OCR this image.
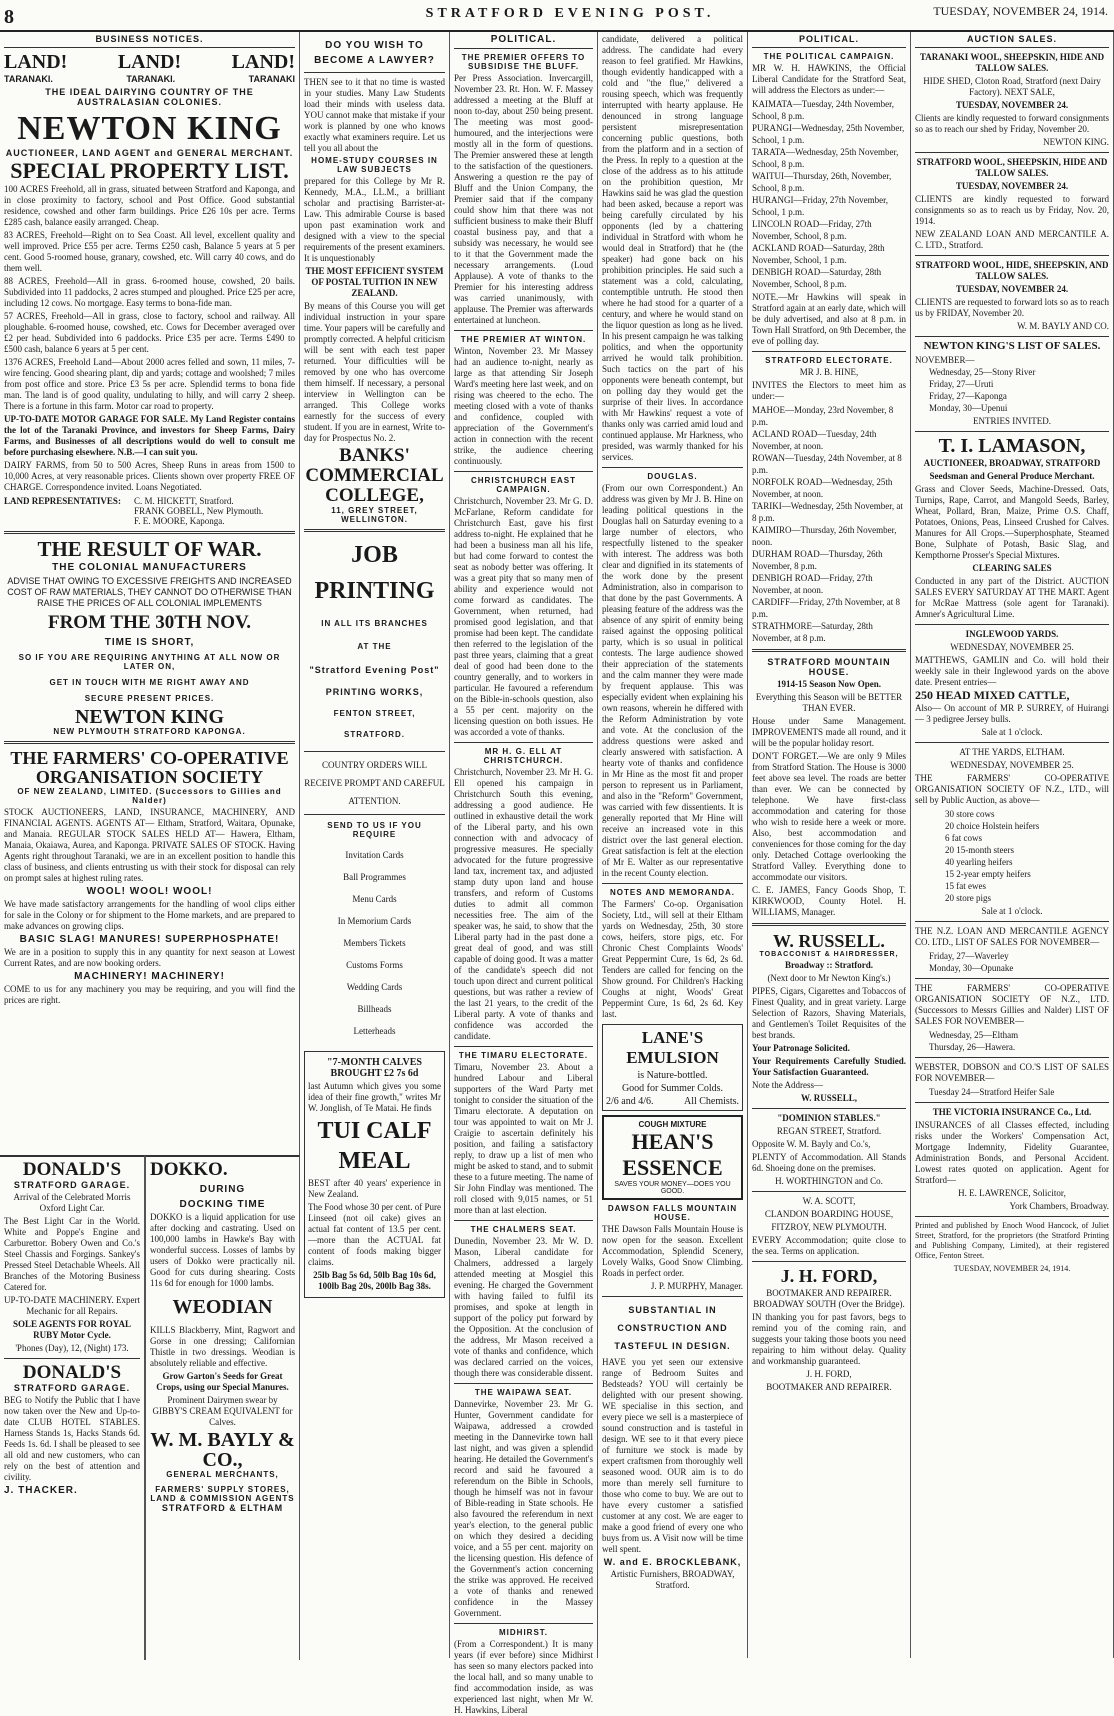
8	STRATFORD EVENING POST.	TUESDAY, NOVEMBER 24, 1914.
BUSINESS NOTICES.
LAND!	LAND!	LAND!
TARANAKI.	TARANAKI.	TARANAKI
THE IDEAL DAIRYING COUNTRY OF THE AUSTRALASIAN COLONIES.
NEWTON KING
AUCTIONEER, LAND AGENT and GENERAL MERCHANT.
SPECIAL PROPERTY LIST.

100 ACRES Freehold, all in grass, situated between Stratford and Kaponga, and in close proximity to factory, school and Post Office. Good substantial residence, cowshed and other farm buildings. Price £26 10s per acre. Terms £285 cash, balance easily arranged. Cheap.

83 ACRES, Freehold—Right on to Sea Coast. All level, excellent quality and well improved. Price £55 per acre. Terms £250 cash, Balance 5 years at 5 per cent. Good 5-roomed house, granary, cowshed, etc. Will carry 40 cows, and do them well.

88 ACRES, Freehold—All in grass. 6-roomed house, cowshed, 20 bails. Subdivided into 11 paddocks, 2 acres stumped and ploughed. Price £25 per acre, including 12 cows. No mortgage. Easy terms to bona-fide man.

57 ACRES, Freehold—All in grass, close to factory, school and railway. All ploughable. 6-roomed house, cowshed, etc. Cows for December averaged over £2 per head. Subdivided into 6 paddocks. Price £35 per acre. Terms £490 to £500 cash, balance 6 years at 5 per cent.

1376 ACRES, Freehold Land—About 2000 acres felled and sown, 11 miles, 7-wire fencing. Good shearing plant, dip and yards; cottage and woolshed; 7 miles from post office and store. Price £3 5s per acre. Splendid terms to bona fide man. The land is of good quality, undulating to hilly, and will carry 2 sheep. There is a fortune in this farm. Motor car road to property.

UP-TO-DATE MOTOR GARAGE FOR SALE. My Land Register contains the lot of the Taranaki Province, and investors for Sheep Farms, Dairy Farms, and Businesses of all descriptions would do well to consult me before purchasing elsewhere. N.B.—I can suit you.

DAIRY FARMS, from 50 to 500 Acres, Sheep Runs in areas from 1500 to 10,000 Acres, at very reasonable prices. Clients shown over property FREE OF CHARGE. Correspondence invited. Loans Negotiated.

LAND REPRESENTATIVES:	C. M. HICKETT, Stratford.
FRANK GOBELL, New Plymouth.
F. E. MOORE, Kaponga.
THE RESULT OF WAR.
THE COLONIAL MANUFACTURERS

ADVISE THAT OWING TO EXCESSIVE FREIGHTS AND INCREASED COST OF RAW MATERIALS, THEY CANNOT DO OTHERWISE THAN RAISE THE PRICES OF ALL COLONIAL IMPLEMENTS

FROM THE 30TH NOV.
TIME IS SHORT,
SO IF YOU ARE REQUIRING ANYTHING AT ALL NOW OR LATER ON,
GET IN TOUCH WITH ME RIGHT AWAY AND
SECURE PRESENT PRICES.
NEWTON KING
NEW PLYMOUTH STRATFORD KAPONGA.
THE FARMERS' CO-OPERATIVE ORGANISATION SOCIETY
OF NEW ZEALAND, LIMITED. (Successors to Gillies and Nalder)

STOCK AUCTIONEERS, LAND, INSURANCE, MACHINERY, AND FINANCIAL AGENTS. AGENTS AT— Eltham, Stratford, Waitara, Opunake, and Manaia. REGULAR STOCK SALES HELD AT— Hawera, Eltham, Manaia, Okaiawa, Aurea, and Kaponga. PRIVATE SALES OF STOCK. Having Agents right throughout Taranaki, we are in an excellent position to handle this class of business, and clients entrusting us with their stock for disposal can rely on prompt sales at highest ruling rates.

WOOL! WOOL! WOOL!

We have made satisfactory arrangements for the handling of wool clips either for sale in the Colony or for shipment to the Home markets, and are prepared to make advances on growing clips.

BASIC SLAG! MANURES! SUPERPHOSPHATE!

We are in a position to supply this in any quantity for next season at Lowest Current Rates, and are now booking orders.

MACHINERY! MACHINERY!

COME to us for any machinery you may be requiring, and you will find the prices are right.

DONALD'S
STRATFORD GARAGE.

Arrival of the Celebrated Morris Oxford Light Car.

The Best Light Car in the World. White and Poppe's Engine and Carburettor. Bobery Owen and Co.'s Steel Chassis and Forgings. Sankey's Pressed Steel Detachable Wheels. All Branches of the Motoring Business Catered for.

UP-TO-DATE MACHINERY. Expert Mechanic for all Repairs.

SOLE AGENTS FOR ROYAL RUBY Motor Cycle.

'Phones (Day), 12, (Night) 173.

DONALD'S
STRATFORD GARAGE.

BEG to Notify the Public that I have now taken over the New and Up-to-date CLUB HOTEL STABLES. Harness Stands 1s, Hacks Stands 6d. Feeds 1s. 6d. I shall be pleased to see all old and new customers, who can rely on the best of attention and civility.

J. THACKER.
DOKKO.
DURING
DOCKING TIME

DOKKO is a liquid application for use after docking and castrating. Used on 100,000 lambs in Hawke's Bay with wonderful success. Losses of lambs by users of Dokko were practically nil. Good for cuts during shearing. Costs 11s 6d for enough for 1000 lambs.

WEODIAN

KILLS Blackberry, Mint, Ragwort and Gorse in one dressing; Californian Thistle in two dressings. Weodian is absolutely reliable and effective.

Grow Garton's Seeds for Great Crops, using our Special Manures.

Prominent Dairymen swear by GIBBY'S CREAM EQUIVALENT for Calves.

W. M. BAYLY & CO.,
GENERAL MERCHANTS,
FARMERS' SUPPLY STORES, LAND & COMMISSION AGENTS
STRATFORD & ELTHAM
DO YOU WISH TO BECOME A LAWYER?

THEN see to it that no time is wasted in your studies. Many Law Students load their minds with useless data. YOU cannot make that mistake if your work is planned by one who knows exactly what examiners require. Let us tell you all about the

HOME-STUDY COURSES IN LAW SUBJECTS

prepared for this College by Mr R. Kennedy, M.A., LL.M., a brilliant scholar and practising Barrister-at-Law. This admirable Course is based upon past examination work and designed with a view to the special requirements of the present examiners. It is unquestionably

THE MOST EFFICIENT SYSTEM OF POSTAL TUITION IN NEW ZEALAND.

By means of this Course you will get individual instruction in your spare time. Your papers will be carefully and promptly corrected. A helpful criticism will be sent with each test paper returned. Your difficulties will be removed by one who has overcome them himself. If necessary, a personal interview in Wellington can be arranged. This College works earnestly for the success of every student. If you are in earnest, Write to-day for Prospectus No. 2.

BANKS' COMMERCIAL COLLEGE,
11, GREY STREET, WELLINGTON.
JOB PRINTING
IN ALL ITS BRANCHES
AT THE
"Stratford Evening Post"
PRINTING WORKS,
FENTON STREET,
STRATFORD.

COUNTRY ORDERS WILL RECEIVE PROMPT AND CAREFUL ATTENTION.

SEND TO US IF YOU REQUIRE
Invitation Cards
Ball Programmes
Menu Cards
In Memorium Cards
Members Tickets
Customs Forms
Wedding Cards
Billheads
Letterheads

"7-MONTH CALVES BROUGHT £2 7s 6d

last Autumn which gives you some idea of their fine growth," writes Mr W. Jonglish, of Te Matai. He finds

TUI CALF MEAL

BEST after 40 years' experience in New Zealand.

The Food whose 30 per cent. of Pure Linseed (not oil cake) gives an actual fat content of 13.5 per cent. —more than the ACTUAL fat content of foods making bigger claims.

25lb Bag 5s 6d, 50lb Bag 10s 6d, 100lb Bag 20s, 200lb Bag 38s.

POLITICAL.
THE PREMIER OFFERS TO SUBSIDISE THE BLUFF.

Per Press Association. Invercargill, November 23. Rt. Hon. W. F. Massey addressed a meeting at the Bluff at noon to-day, about 250 being present. The meeting was most good-humoured, and the interjections were mostly all in the form of questions. The Premier answered these at length to the satisfaction of the questioners. Answering a question re the pay of Bluff and the Union Company, the Premier said that if the company could show him that there was not sufficient business to make their Bluff coastal business pay, and that a subsidy was necessary, he would see to it that the Government made the necessary arrangements. (Loud Applause). A vote of thanks to the Premier for his interesting address was carried unanimously, with applause. The Premier was afterwards entertained at luncheon.

THE PREMIER AT WINTON.

Winton, November 23. Mr Massey had an audience to-night, nearly as large as that attending Sir Joseph Ward's meeting here last week, and on rising was cheered to the echo. The meeting closed with a vote of thanks and confidence, coupled with appreciation of the Government's action in connection with the recent strike, the audience cheering continuously.

CHRISTCHURCH EAST CAMPAIGN.

Christchurch, November 23. Mr G. D. McFarlane, Reform candidate for Christchurch East, gave his first address to-night. He explained that he had been a business man all his life, but had come forward to contest the seat as nobody better was offering. It was a great pity that so many men of ability and experience would not come forward as candidates. The Government, when returned, had promised good legislation, and that promise had been kept. The candidate then referred to the legislation of the past three years, claiming that a great deal of good had been done to the country generally, and to workers in particular. He favoured a referendum on the Bible-in-schools question, also a 55 per cent. majority on the licensing question on both issues. He was accorded a vote of thanks.

MR H. G. ELL AT CHRISTCHURCH.

Christchurch, November 23. Mr H. G. Ell opened his campaign in Christchurch South this evening, addressing a good audience. He outlined in exhaustive detail the work of the Liberal party, and his own connection with and advocacy of progressive measures. He specially advocated for the future progressive land tax, increment tax, and adjusted stamp duty upon land and house transfers, and reform of Customs duties to admit all common necessities free. The aim of the speaker was, he said, to show that the Liberal party had in the past done a great deal of good, and was still capable of doing good. It was a matter of the candidate's speech did not touch upon direct and current political questions, but was rather a review of the last 21 years, to the credit of the Liberal party. A vote of thanks and confidence was accorded the candidate.

THE TIMARU ELECTORATE.

Timaru, November 23. About a hundred Labour and Liberal supporters of the Ward Party met tonight to consider the situation of the Timaru electorate. A deputation on tour was appointed to wait on Mr J. Craigie to ascertain definitely his position, and failing a satisfactory reply, to draw up a list of men who might be asked to stand, and to submit these to a future meeting. The name of Sir John Findlay was mentioned. The roll closed with 9,015 names, or 51 more than at last election.

THE CHALMERS SEAT.

Dunedin, November 23. Mr W. D. Mason, Liberal candidate for Chalmers, addressed a largely attended meeting at Mosgiel this evening. He charged the Government with having failed to fulfil its promises, and spoke at length in support of the policy put forward by the Opposition. At the conclusion of the address, Mr Mason received a vote of thanks and confidence, which was declared carried on the voices, though there was considerable dissent.

THE WAIPAWA SEAT.

Dannevirke, November 23. Mr G. Hunter, Government candidate for Waipawa, addressed a crowded meeting in the Dannevirke town hall last night, and was given a splendid hearing. He detailed the Government's record and said he favoured a referendum on the Bible in Schools, though he himself was not in favour of Bible-reading in State schools. He also favoured the referendum in next year's election, to the general public on which they desired a deciding voice, and a 55 per cent. majority on the licensing question. His defence of the Government's action concerning the strike was approved. He received a vote of thanks and renewed confidence in the Massey Government.

MIDHIRST.

(From a Correspondent.) It is many years (if ever before) since Midhirst has seen so many electors packed into the local hall, and so many unable to find accommodation inside, as was experienced last night, when Mr W. H. Hawkins, Liberal

candidate, delivered a political address. The candidate had every reason to feel gratified. Mr Hawkins, though evidently handicapped with a cold and "the flue," delivered a rousing speech, which was frequently interrupted with hearty applause. He denounced in strong language persistent misrepresentation concerning public questions, both from the platform and in a section of the Press. In reply to a question at the close of the address as to his attitude on the prohibition question, Mr Hawkins said he was glad the question had been asked, because a report was being carefully circulated by his opponents (led by a chattering individual in Stratford with whom he would deal in Stratford) that he (the speaker) had gone back on his prohibition principles. He said such a statement was a cold, calculating, contemptible untruth. He stood then where he had stood for a quarter of a century, and where he would stand on the liquor question as long as he lived. In his present campaign he was talking politics, and when the opportunity arrived he would talk prohibition. Such tactics on the part of his opponents were beneath contempt, but on polling day they would get the surprise of their lives. In accordance with Mr Hawkins' request a vote of thanks only was carried amid loud and continued applause. Mr Harkness, who presided, was warmly thanked for his services.

DOUGLAS.

(From our own Correspondent.) An address was given by Mr J. B. Hine on leading political questions in the Douglas hall on Saturday evening to a large number of electors, who respectfully listened to the speaker with interest. The address was both clear and dignified in its statements of the work done by the present Administration, also in comparison to that done by the past Governments. A pleasing feature of the address was the absence of any spirit of enmity being raised against the opposing political party, which is so usual in political contests. The large audience showed their appreciation of the statements and the calm manner they were made by frequent applause. This was especially evident when explaining his own reasons, wherein he differed with the Reform Administration by vote and vote. At the conclusion of the address questions were asked and clearly answered with satisfaction. A hearty vote of thanks and confidence in Mr Hine as the most fit and proper person to represent us in Parliament, and also in the "Reform" Government, was carried with few dissentients. It is generally reported that Mr Hine will receive an increased vote in this district over the last general election. Great satisfaction is felt at the election of Mr E. Walter as our representative in the recent County election.

NOTES AND MEMORANDA.

The Farmers' Co-op. Organisation Society, Ltd., will sell at their Eltham yards on Wednesday, 25th, 30 store cows, heifers, store pigs, etc. For Chronic Chest Complaints Woods' Great Peppermint Cure, 1s 6d, 2s 6d. Tenders are called for fencing on the Show ground. For Children's Hacking Coughs at night, Woods' Great Peppermint Cure, 1s 6d, 2s 6d. Key last.

LANE'S EMULSION

is Nature-bottled.

Good for Summer Colds.

2/6 and 4/6.	All Chemists.
COUGH MIXTURE
HEAN'S ESSENCE
SAVES YOUR MONEY—DOES YOU GOOD.
DAWSON FALLS MOUNTAIN HOUSE.

THE Dawson Falls Mountain House is now open for the season. Excellent Accommodation, Splendid Scenery, Lovely Walks, Good Snow Climbing. Roads in perfect order.

J. P. MURPHY, Manager.

SUBSTANTIAL IN CONSTRUCTION AND TASTEFUL IN DESIGN.

HAVE you yet seen our extensive range of Bedroom Suites and Bedsteads? YOU will certainly be delighted with our present showing. WE specialise in this section, and every piece we sell is a masterpiece of sound construction and is tasteful in design. WE see to it that every piece of furniture we stock is made by expert craftsmen from thoroughly well seasoned wood. OUR aim is to do more than merely sell furniture to those who come to buy. We are out to have every customer a satisfied customer at any cost. We are eager to make a good friend of every one who buys from us. A Visit now will be time well spent.

W. and E. BROCKLEBANK,

Artistic Furnishers, BROADWAY, Stratford.

POLITICAL.
THE POLITICAL CAMPAIGN.

MR W. H. HAWKINS, the Official Liberal Candidate for the Stratford Seat, will address the Electors as under:—

KAIMATA—Tuesday, 24th November, School, 8 p.m.
PURANGI—Wednesday, 25th November, School, 1 p.m.
TARATA—Wednesday, 25th November, School, 8 p.m.
WAITUI—Thursday, 26th, November, School, 8 p.m.
HURANGI—Friday, 27th November, School, 1 p.m.
LINCOLN ROAD—Friday, 27th November, School, 8 p.m.
ACKLAND ROAD—Saturday, 28th November, School, 1 p.m.
DENBIGH ROAD—Saturday, 28th November, School, 8 p.m.

NOTE.—Mr Hawkins will speak in Stratford again at an early date, which will be duly advertised, and also at 8 p.m. in Town Hall Stratford, on 9th December, the eve of polling day.

STRATFORD ELECTORATE.

MR J. B. HINE,

INVITES the Electors to meet him as under:—

MAHOE—Monday, 23rd November, 8 p.m.
ACLAND ROAD—Tuesday, 24th November, at noon.
ROWAN—Tuesday, 24th November, at 8 p.m.
NORFOLK ROAD—Wednesday, 25th November, at noon.
TARIKI—Wednesday, 25th November, at 8 p.m.
KAIMIRO—Thursday, 26th November, noon.
DURHAM ROAD—Thursday, 26th November, 8 p.m.
DENBIGH ROAD—Friday, 27th November, at noon.
CARDIFF—Friday, 27th November, at 8 p.m.
STRATHMORE—Saturday, 28th November, at 8 p.m.
STRATFORD MOUNTAIN HOUSE.

1914-15 Season Now Open.

Everything this Season will be BETTER THAN EVER.

House under Same Management. IMPROVEMENTS made all round, and it will be the popular holiday resort.

DON'T FORGET.—We are only 9 Miles from Stratford Station. The House is 3000 feet above sea level. The roads are better than ever. We can be connected by telephone. We have first-class accommodation and catering for those who wish to reside here a week or more. Also, best accommodation and conveniences for those coming for the day only. Detached Cottage overlooking the Stratford Valley. Everything done to accommodate our visitors.

C. E. JAMES, Fancy Goods Shop, T. KIRKWOOD, County Hotel. H. WILLIAMS, Manager.

W. RUSSELL.
TOBACCONIST & HAIRDRESSER,

Broadway :: Stratford.

(Next door to Mr Newton King's.)

PIPES, Cigars, Cigarettes and Tobaccos of Finest Quality, and in great variety. Large Selection of Razors, Shaving Materials, and Gentlemen's Toilet Requisites of the best brands.

Your Patronage Solicited.

Your Requirements Carefully Studied. Your Satisfaction Guaranteed.

Note the Address—

W. RUSSELL,

"DOMINION STABLES."

REGAN STREET, Stratford.

Opposite W. M. Bayly and Co.'s,

PLENTY of Accommodation. All Stands 6d. Shoeing done on the premises.

H. WORTHINGTON and Co.

W. A. SCOTT,

CLANDON BOARDING HOUSE,

FITZROY, NEW PLYMOUTH.

EVERY Accommodation; quite close to the sea. Terms on application.

J. H. FORD,

BOOTMAKER AND REPAIRER. BROADWAY SOUTH (Over the Bridge).

IN thanking you for past favors, begs to remind you of the coming rain, and suggests your taking those boots you need repairing to him without delay. Quality and workmanship guaranteed.

J. H. FORD,

BOOTMAKER AND REPAIRER.

AUCTION SALES.

TARANAKI WOOL, SHEEPSKIN, HIDE AND TALLOW SALES.

HIDE SHED, Cloton Road, Stratford (next Dairy Factory). NEXT SALE,

TUESDAY, NOVEMBER 24.

Clients are kindly requested to forward consignments so as to reach our shed by Friday, November 20.

NEWTON KING.

STRATFORD WOOL, SHEEPSKIN, HIDE AND TALLOW SALES.

TUESDAY, NOVEMBER 24.

CLIENTS are kindly requested to forward consignments so as to reach us by Friday, Nov. 20, 1914.

NEW ZEALAND LOAN AND MERCANTILE A. C. LTD., Stratford.

STRATFORD WOOL, HIDE, SHEEPSKIN, AND TALLOW SALES.

TUESDAY, NOVEMBER 24.

CLIENTS are requested to forward lots so as to reach us by FRIDAY, November 20.

W. M. BAYLY AND CO.

NEWTON KING'S LIST OF SALES.

NOVEMBER—
Wednesday, 25—Stony River
Friday, 27—Uruti
Friday, 27—Kaponga
Monday, 30—Upenui

ENTRIES INVITED.

T. I. LAMASON,

AUCTIONEER, BROADWAY, STRATFORD

Seedsman and General Produce Merchant.

Grass and Clover Seeds, Machine-Dressed. Oats, Turnips, Rape, Carrot, and Mangold Seeds, Barley, Wheat, Pollard, Bran, Maize, Prime O.S. Chaff, Potatoes, Onions, Peas, Linseed Crushed for Calves. Manures for All Crops.—Superphosphate, Steamed Bone, Sulphate of Potash, Basic Slag, and Kempthorne Prosser's Special Mixtures.

CLEARING SALES

Conducted in any part of the District. AUCTION SALES EVERY SATURDAY AT THE MART. Agent for McRae Mattress (sole agent for Taranaki). Amner's Agricultural Lime.

INGLEWOOD YARDS.

WEDNESDAY, NOVEMBER 25.

MATTHEWS, GAMLIN and Co. will hold their weekly sale in their Inglewood yards on the above date. Present entries—

250 HEAD MIXED CATTLE,

Also— On account of MR P. SURREY, of Huirangi— 3 pedigree Jersey bulls.

Sale at 1 o'clock.

AT THE YARDS, ELTHAM.

WEDNESDAY, NOVEMBER 25.

THE FARMERS' CO-OPERATIVE ORGANISATION SOCIETY OF N.Z., LTD., will sell by Public Auction, as above—

30 store cows
20 choice Holstein heifers
6 fat cows
20 15-month steers
40 yearling heifers
15 2-year empty heifers
15 fat ewes
20 store pigs

Sale at 1 o'clock.

THE N.Z. LOAN AND MERCANTILE AGENCY CO. LTD., LIST OF SALES FOR NOVEMBER—

Friday, 27—Waverley
Monday, 30—Opunake

THE FARMERS' CO-OPERATIVE ORGANISATION SOCIETY OF N.Z., LTD. (Successors to Messrs Gillies and Nalder) LIST OF SALES FOR NOVEMBER—

Wednesday, 25—Eltham
Thursday, 26—Hawera.

WEBSTER, DOBSON and CO.'S LIST OF SALES FOR NOVEMBER—

Tuesday 24—Stratford Heifer Sale

THE VICTORIA INSURANCE Co., Ltd.

INSURANCES of all Classes effected, including risks under the Workers' Compensation Act, Mortgage Indemnity, Fidelity Guarantee, Administration Bonds, and Personal Accident. Lowest rates quoted on application. Agent for Stratford—

H. E. LAWRENCE, Solicitor,

York Chambers, Broadway.

Printed and published by Enoch Wood Hancock, of Juliet Street, Stratford, for the proprietors (the Stratford Printing and Publishing Company, Limited), at their registered Office, Fenton Street.

TUESDAY, NOVEMBER 24, 1914.
